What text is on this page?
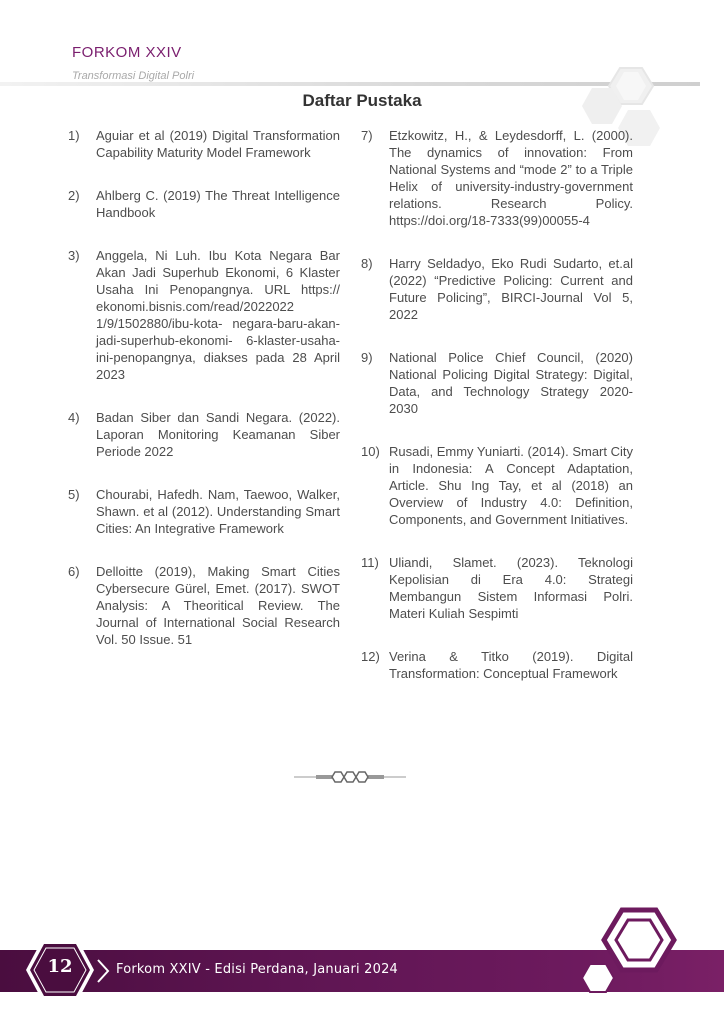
FORKOM XXIV
Transformasi Digital Polri
Daftar Pustaka
1)	Aguiar et al (2019) Digital Transformation Capability Maturity Model Framework
2)	Ahlberg C. (2019) The Threat Intelligence Handbook
3)	Anggela, Ni Luh. Ibu Kota Negara Bar Akan Jadi Superhub Ekonomi, 6 Klaster Usaha Ini Penopangnya. URL https:// ekonomi.bisnis.com/read/2022022 1/9/1502880/ibu-kota- negara-baru-akan- jadi-superhub-ekonomi- 6-klaster-usaha- ini-penopangnya, diakses pada 28 April 2023
4)	Badan Siber dan Sandi Negara. (2022). Laporan Monitoring Keamanan Siber Periode 2022
5)	Chourabi, Hafedh. Nam, Taewoo, Walker, Shawn. et al (2012). Understanding Smart Cities: An Integrative Framework
6)	Delloitte (2019), Making Smart Cities Cybersecure Gürel, Emet. (2017). SWOT Analysis: A Theoritical Review. The Journal of International Social Research Vol. 50 Issue. 51
7)	Etzkowitz, H., & Leydesdorff, L. (2000). The dynamics of innovation: From National Systems and “mode 2” to a Triple Helix of university-industry-government relations. Research Policy. https://doi.org/18-7333(99)00055-4
8)	Harry Seldadyo, Eko Rudi Sudarto, et.al (2022) “Predictive Policing: Current and Future Policing”, BIRCI-Journal Vol 5, 2022
9)	National Police Chief Council, (2020) National Policing Digital Strategy: Digital, Data, and Technology Strategy 2020- 2030
10) Rusadi, Emmy Yuniarti. (2014). Smart City in Indonesia: A Concept Adaptation, Article. Shu Ing Tay, et al (2018) an Overview of Industry 4.0: Definition, Components, and Government Initiatives.
11) Uliandi, Slamet. (2023). Teknologi Kepolisian di Era 4.0: Strategi Membangun Sistem Informasi Polri. Materi Kuliah Sespimti
12) Verina & Titko (2019). Digital Transformation: Conceptual Framework
12	Forkom XXIV - Edisi Perdana, Januari 2024
